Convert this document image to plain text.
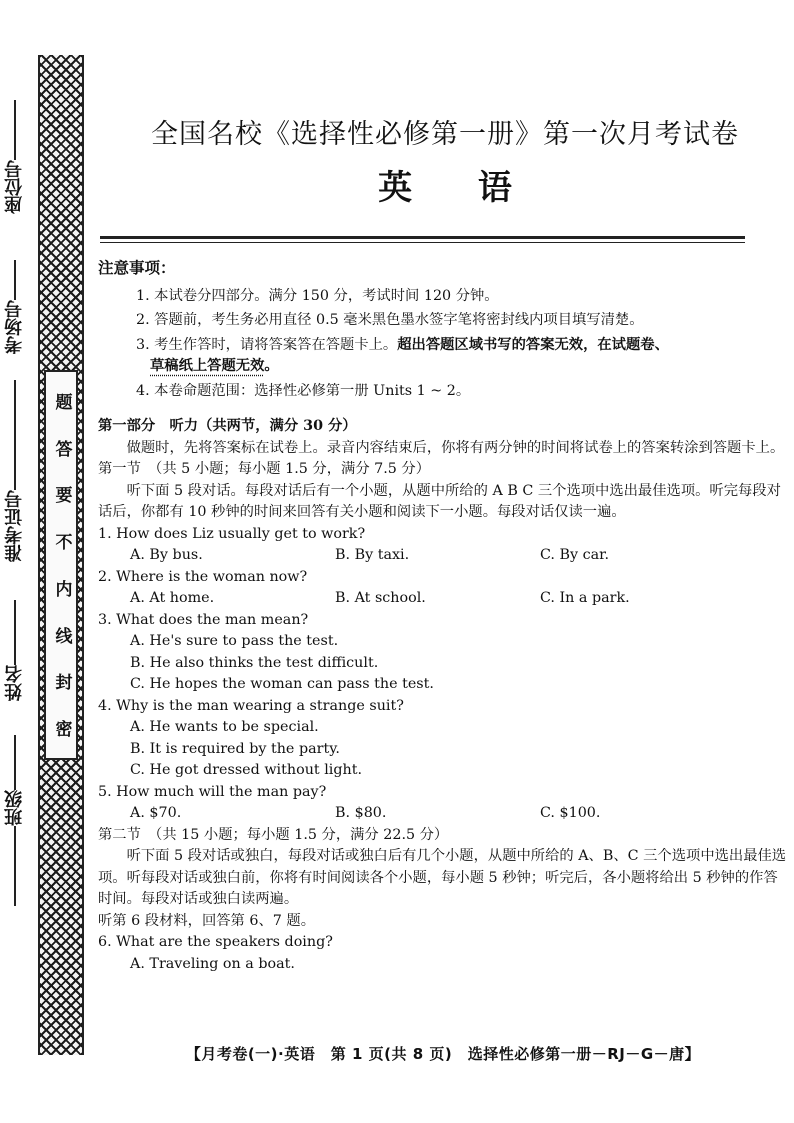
题
答
要
不
内
线
封
密
座位号
考场号
准考证号
姓名
班级
全国名校《选择性必修第一册》第一次月考试卷
英 语
注意事项：
1. 本试卷分四部分。满分 150 分，考试时间 120 分钟。
2. 答题前，考生务必用直径 0.5 毫米黑色墨水签字笔将密封线内项目填写清楚。
3. 考生作答时，请将答案答在答题卡上。超出答题区域书写的答案无效，在试题卷、
草稿纸上答题无效。
4. 本卷命题范围：选择性必修第一册 Units 1 ~ 2。
第一部分　听力（共两节，满分 30 分）
做题时，先将答案标在试卷上。录音内容结束后，你将有两分钟的时间将试卷上的答案转涂到答题卡上。
第一节　（共 5 小题；每小题 1.5 分，满分 7.5 分）
听下面 5 段对话。每段对话后有一个小题，从题中所给的 A B C 三个选项中选出最佳选项。听完每段对话后，你都有 10 秒钟的时间来回答有关小题和阅读下一小题。每段对话仅读一遍。
1. How does Liz usually get to work?
A. By bus.	B. By taxi.	C. By car.
2. Where is the woman now?
A. At home.	B. At school.	C. In a park.
3. What does the man mean?
A. He's sure to pass the test.
B. He also thinks the test difficult.
C. He hopes the woman can pass the test.
4. Why is the man wearing a strange suit?
A. He wants to be special.
B. It is required by the party.
C. He got dressed without light.
5. How much will the man pay?
A. $70.	B. $80.	C. $100.
第二节　（共 15 小题；每小题 1.5 分，满分 22.5 分）
听下面 5 段对话或独白，每段对话或独白后有几个小题，从题中所给的 A、B、C 三个选项中选出最佳选项。听每段对话或独白前，你将有时间阅读各个小题，每小题 5 秒钟；听完后，各小题将给出 5 秒钟的作答时间。每段对话或独白读两遍。
听第 6 段材料，回答第 6、7 题。
6. What are the speakers doing?
A. Traveling on a boat.
【月考卷(一)·英语　第 1 页(共 8 页)　选择性必修第一册－RJ－G－唐】
